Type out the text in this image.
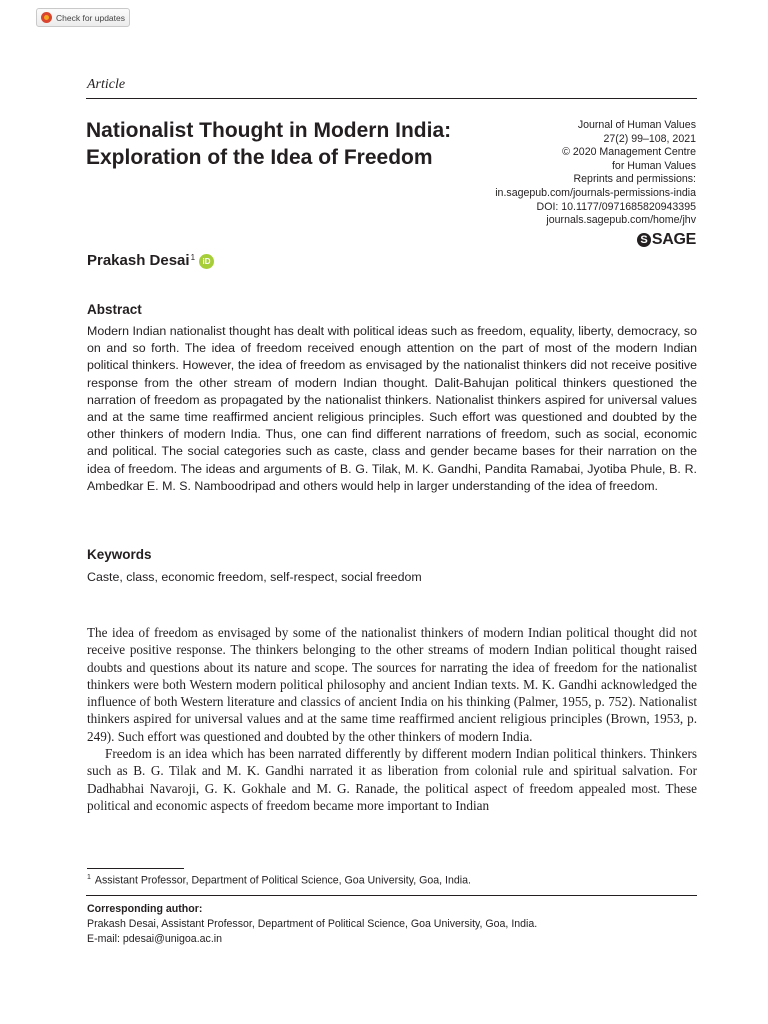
Check for updates
Article
Nationalist Thought in Modern India: Exploration of the Idea of Freedom
Journal of Human Values
27(2) 99–108, 2021
© 2020 Management Centre
for Human Values
Reprints and permissions:
in.sagepub.com/journals-permissions-india
DOI: 10.1177/0971685820943395
journals.sagepub.com/home/jhv
S SAGE
Prakash Desai$^1$ iD
Abstract

Modern Indian nationalist thought has dealt with political ideas such as freedom, equality, liberty, democracy, so on and so forth. The idea of freedom received enough attention on the part of most of the modern Indian political thinkers. However, the idea of freedom as envisaged by the nationalist thinkers did not receive positive response from the other stream of modern Indian thought. Dalit-Bahujan political thinkers questioned the narration of freedom as propagated by the nationalist thinkers. Nationalist thinkers aspired for universal values and at the same time reaffirmed ancient religious principles. Such effort was questioned and doubted by the other thinkers of modern India. Thus, one can find different narrations of freedom, such as social, economic and political. The social categories such as caste, class and gender became bases for their narration on the idea of freedom. The ideas and arguments of B. G. Tilak, M. K. Gandhi, Pandita Ramabai, Jyotiba Phule, B. R. Ambedkar E. M. S. Namboodripad and others would help in larger understanding of the idea of freedom.

Keywords
Caste, class, economic freedom, self-respect, social freedom

The idea of freedom as envisaged by some of the nationalist thinkers of modern Indian political thought did not receive positive response. The thinkers belonging to the other streams of modern Indian political thought raised doubts and questions about its nature and scope. The sources for narrating the idea of freedom for the nationalist thinkers were both Western modern political philosophy and ancient Indian texts. M. K. Gandhi acknowledged the influence of both Western literature and classics of ancient India on his thinking (Palmer, 1955, p. 752). Nationalist thinkers aspired for universal values and at the same time reaffirmed ancient religious principles (Brown, 1953, p. 249). Such effort was questioned and doubted by the other thinkers of modern India.

Freedom is an idea which has been narrated differently by different modern Indian political thinkers. Thinkers such as B. G. Tilak and M. K. Gandhi narrated it as liberation from colonial rule and spiritual salvation. For Dadhabhai Navaroji, G. K. Gokhale and M. G. Ranade, the political aspect of freedom appealed most. These political and economic aspects of freedom became more important to Indian

$^1$ Assistant Professor, Department of Political Science, Goa University, Goa, India.
Corresponding author:
Prakash Desai, Assistant Professor, Department of Political Science, Goa University, Goa, India.
E-mail: pdesai@unigoa.ac.in
